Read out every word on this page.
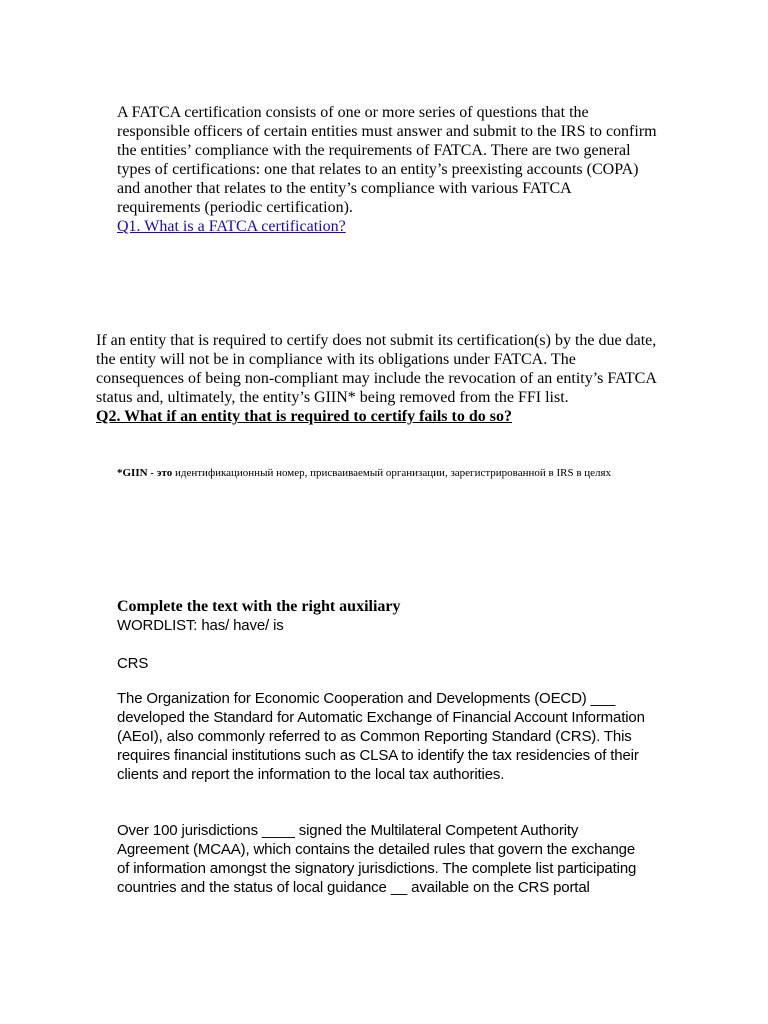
A FATCA certification consists of one or more series of questions that the responsible officers of certain entities must answer and submit to the IRS to confirm the entities’ compliance with the requirements of FATCA. There are two general types of certifications: one that relates to an entity’s preexisting accounts (COPA) and another that relates to the entity’s compliance with various FATCA requirements (periodic certification).
Q1. What is a FATCA certification?
If an entity that is required to certify does not submit its certification(s) by the due date, the entity will not be in compliance with its obligations under FATCA. The consequences of being non-compliant may include the revocation of an entity’s FATCA status and, ultimately, the entity’s GIIN* being removed from the FFI list.
Q2. What if an entity that is required to certify fails to do so?
*GIIN - это идентификационный номер, присваиваемый организации, зарегистрированной в IRS в целях
Complete the text with the right auxiliary
WORDLIST: has/ have/ is
CRS
The Organization for Economic Cooperation and Developments (OECD) ___ developed the Standard for Automatic Exchange of Financial Account Information (AEoI), also commonly referred to as Common Reporting Standard (CRS). This requires financial institutions such as CLSA to identify the tax residencies of their clients and report the information to the local tax authorities.
Over 100 jurisdictions ____ signed the Multilateral Competent Authority Agreement (MCAA), which contains the detailed rules that govern the exchange of information amongst the signatory jurisdictions. The complete list participating countries and the status of local guidance __ available on the CRS portal
